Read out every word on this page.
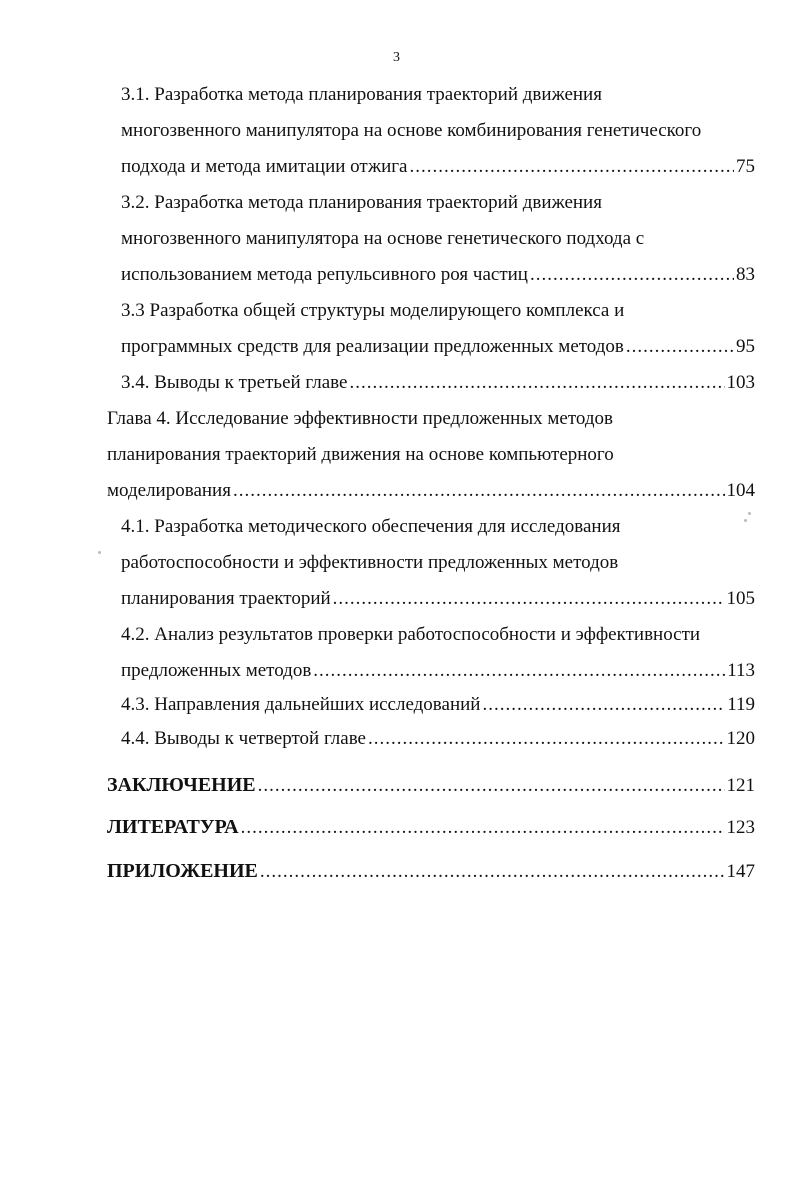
3
3.1. Разработка метода планирования траекторий движения
многозвенного манипулятора на основе комбинирования генетического
подхода и метода имитации отжига .....	75
3.2. Разработка метода планирования траекторий движения
многозвенного манипулятора на основе генетического подхода с
использованием метода репульсивного роя частиц .....	83
3.3 Разработка общей структуры моделирующего комплекса и
программных средств для реализации предложенных методов .....	95
3.4. Выводы к третьей главе .....	103
Глава 4. Исследование эффективности предложенных методов
планирования траекторий движения на основе компьютерного
моделирования .....	104
4.1. Разработка методического обеспечения для исследования
работоспособности и эффективности предложенных методов
планирования траекторий .....	105
4.2. Анализ результатов проверки работоспособности и эффективности
предложенных методов .....	113
4.3. Направления дальнейших исследований .....	119
4.4. Выводы к четвертой главе .....	120
ЗАКЛЮЧЕНИЕ .....	121
ЛИТЕРАТУРА .....	123
ПРИЛОЖЕНИЕ .....	147
